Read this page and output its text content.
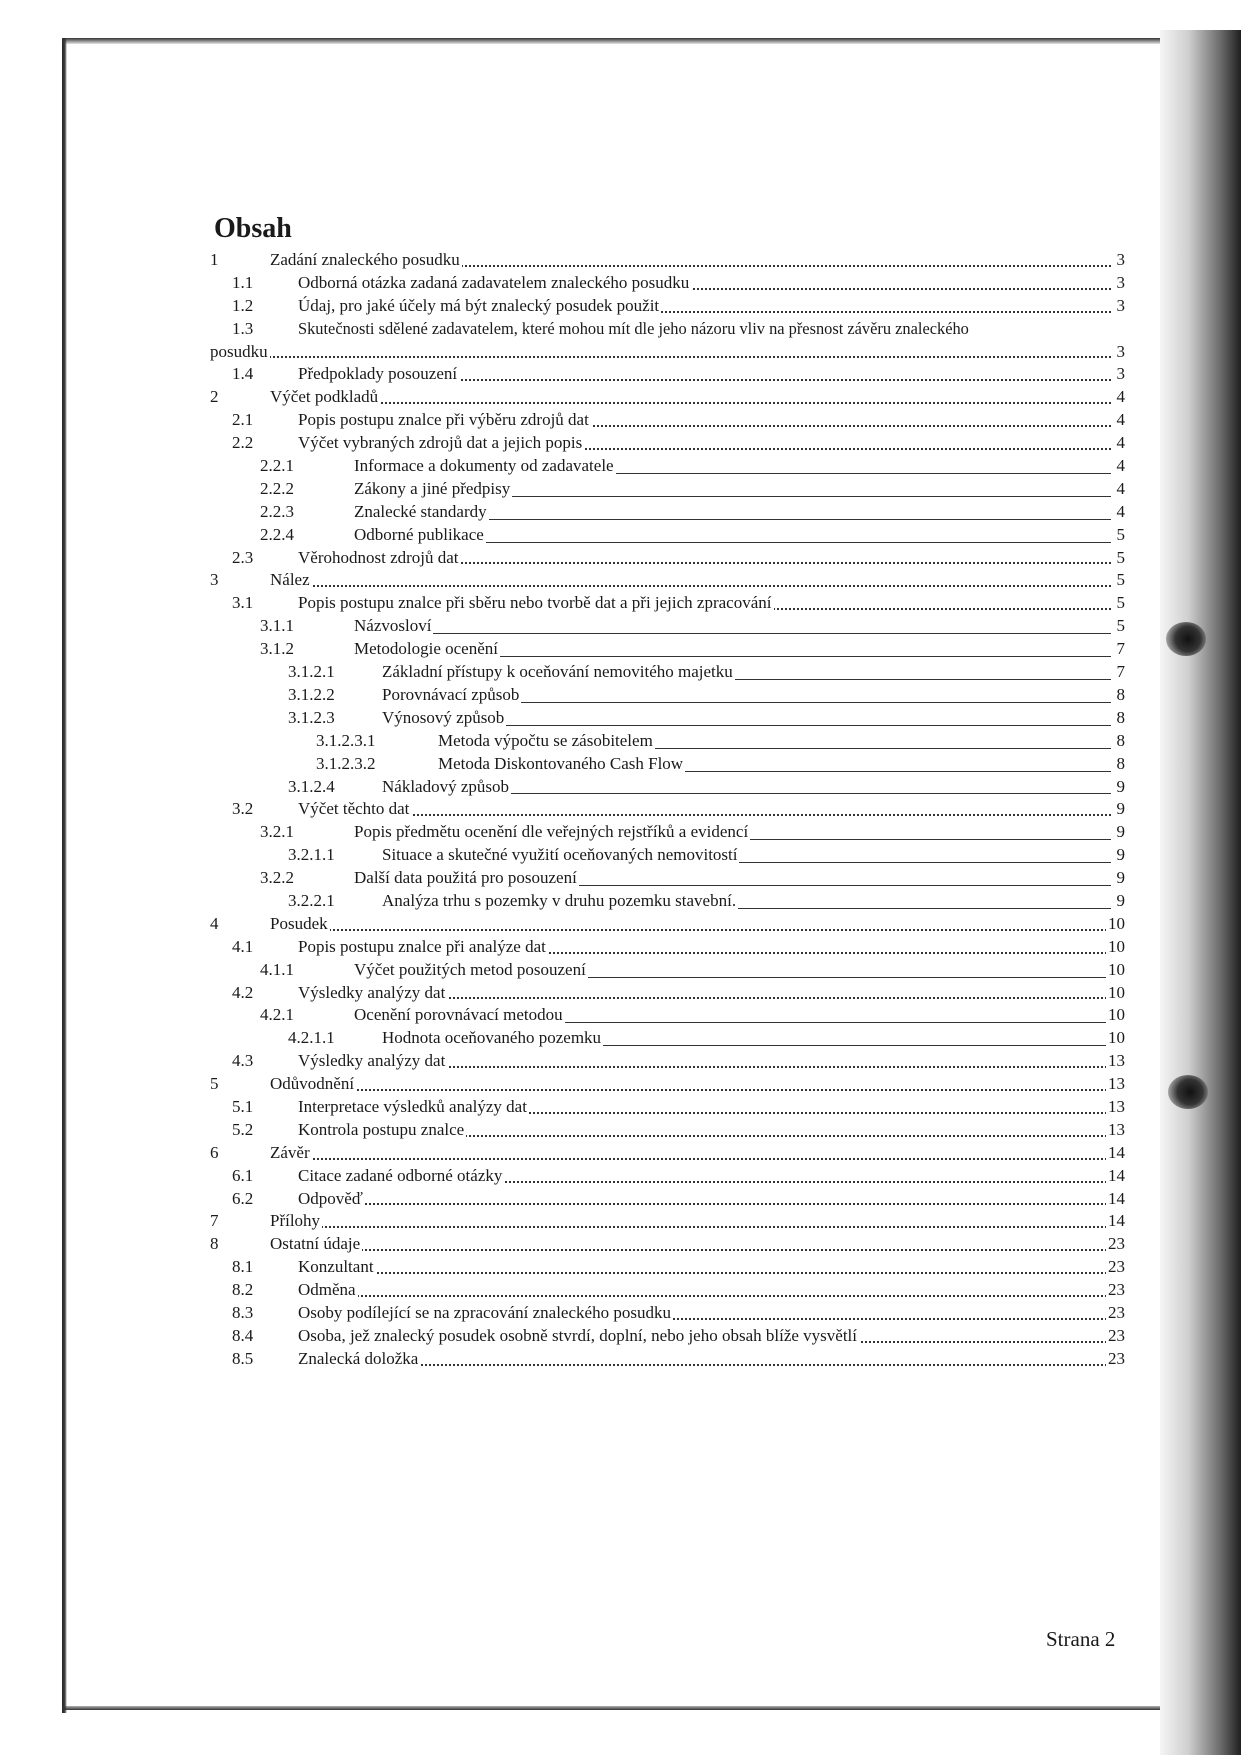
Obsah
1	Zadání znaleckého posudku	3
1.1	Odborná otázka zadaná zadavatelem znaleckého posudku	3
1.2	Údaj, pro jaké účely má být znalecký posudek použit	3
1.3	Skutečnosti sdělené zadavatelem, které mohou mít dle jeho názoru vliv na přesnost závěru znaleckého
posudku	3
1.4	Předpoklady posouzení	3
2	Výčet podkladů	4
2.1	Popis postupu znalce při výběru zdrojů dat	4
2.2	Výčet vybraných zdrojů dat a jejich popis	4
2.2.1	Informace a dokumenty od zadavatele	4
2.2.2	Zákony a jiné předpisy	4
2.2.3	Znalecké standardy	4
2.2.4	Odborné publikace	5
2.3	Věrohodnost zdrojů dat	5
3	Nález	5
3.1	Popis postupu znalce při sběru nebo tvorbě dat a při jejich zpracování	5
3.1.1	Názvosloví	5
3.1.2	Metodologie ocenění	7
3.1.2.1	Základní přístupy k oceňování nemovitého majetku	7
3.1.2.2	Porovnávací způsob	8
3.1.2.3	Výnosový způsob	8
3.1.2.3.1	Metoda výpočtu se zásobitelem	8
3.1.2.3.2	Metoda Diskontovaného Cash Flow	8
3.1.2.4	Nákladový způsob	9
3.2	Výčet těchto dat	9
3.2.1	Popis předmětu ocenění dle veřejných rejstříků a evidencí	9
3.2.1.1	Situace a skutečné využití oceňovaných nemovitostí	9
3.2.2	Další data použitá pro posouzení	9
3.2.2.1	Analýza trhu s pozemky v druhu pozemku stavební.	9
4	Posudek	10
4.1	Popis postupu znalce při analýze dat	10
4.1.1	Výčet použitých metod posouzení	10
4.2	Výsledky analýzy dat	10
4.2.1	Ocenění porovnávací metodou	10
4.2.1.1	Hodnota oceňovaného pozemku	10
4.3	Výsledky analýzy dat	13
5	Odůvodnění	13
5.1	Interpretace výsledků analýzy dat	13
5.2	Kontrola postupu znalce	13
6	Závěr	14
6.1	Citace zadané odborné otázky	14
6.2	Odpověď	14
7	Přílohy	14
8	Ostatní údaje	23
8.1	Konzultant	23
8.2	Odměna	23
8.3	Osoby podílející se na zpracování znaleckého posudku	23
8.4	Osoba, jež znalecký posudek osobně stvrdí, doplní, nebo jeho obsah blíže vysvětlí	23
8.5	Znalecká doložka	23
Strana 2
